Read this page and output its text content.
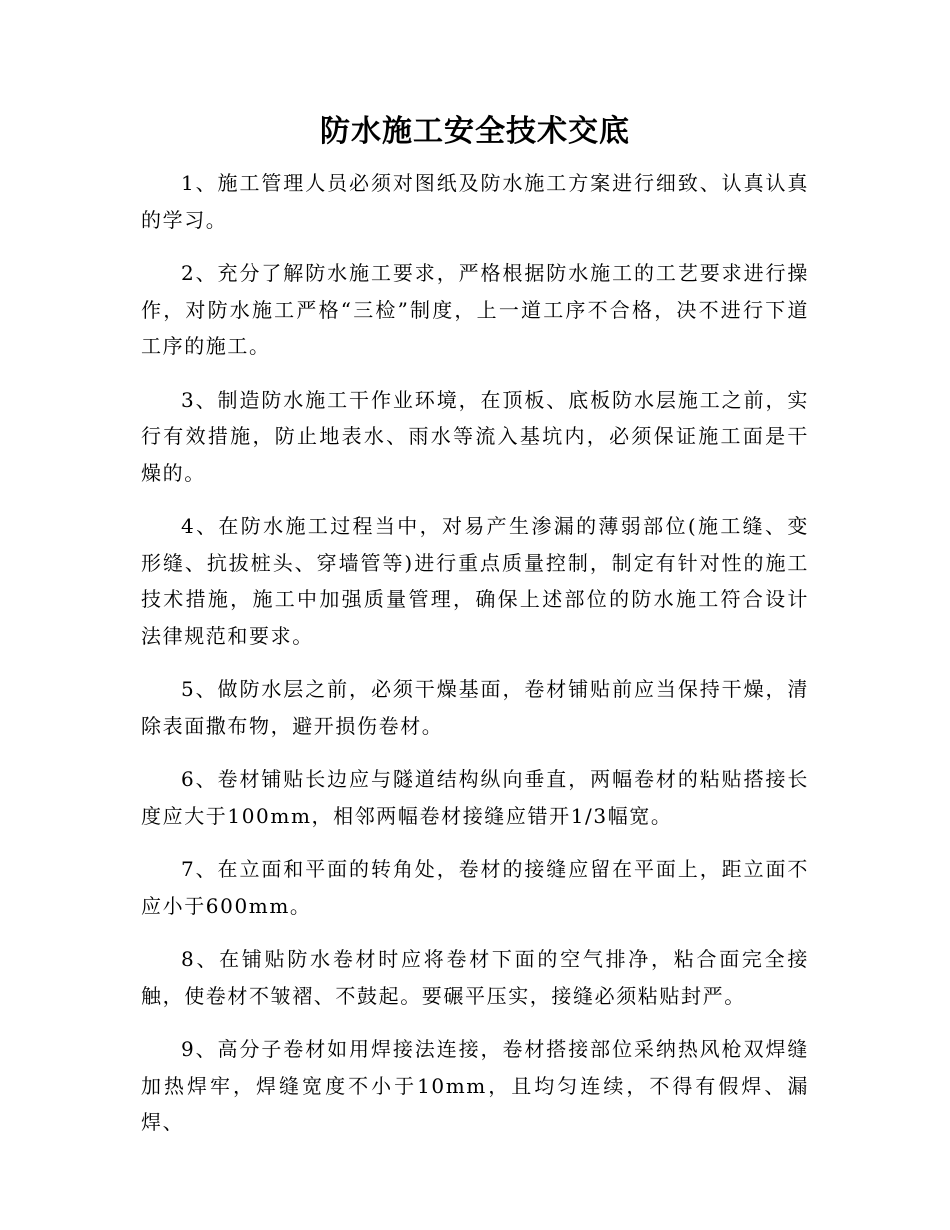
防水施工安全技术交底

1、施工管理人员必须对图纸及防水施工方案进行细致、认真认真的学习。

2、充分了解防水施工要求，严格根据防水施工的工艺要求进行操作，对防水施工严格“三检”制度，上一道工序不合格，决不进行下道工序的施工。

3、制造防水施工干作业环境，在顶板、底板防水层施工之前，实行有效措施，防止地表水、雨水等流入基坑内，必须保证施工面是干燥的。

4、在防水施工过程当中，对易产生渗漏的薄弱部位(施工缝、变形缝、抗拔桩头、穿墙管等)进行重点质量控制，制定有针对性的施工技术措施，施工中加强质量管理，确保上述部位的防水施工符合设计法律规范和要求。

5、做防水层之前，必须干燥基面，卷材铺贴前应当保持干燥，清除表面撒布物，避开损伤卷材。

6、卷材铺贴长边应与隧道结构纵向垂直，两幅卷材的粘贴搭接长度应大于100mm，相邻两幅卷材接缝应错开1/3幅宽。

7、在立面和平面的转角处，卷材的接缝应留在平面上，距立面不应小于600mm。

8、在铺贴防水卷材时应将卷材下面的空气排净，粘合面完全接触，使卷材不皱褶、不鼓起。要碾平压实，接缝必须粘贴封严。

9、高分子卷材如用焊接法连接，卷材搭接部位采纳热风枪双焊缝加热焊牢，焊缝宽度不小于10mm，且均匀连续，不得有假焊、漏焊、
